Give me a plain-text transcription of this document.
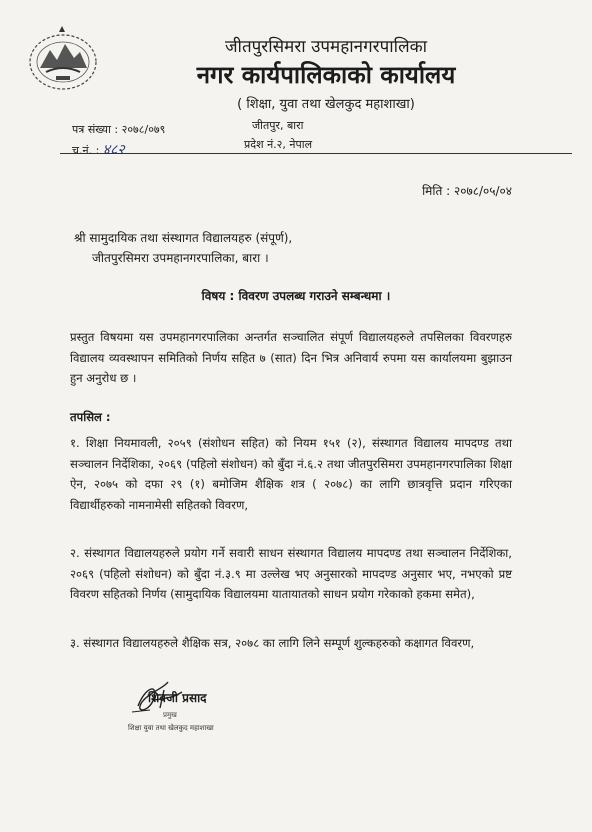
जीतपुरसिमरा उपमहानगरपालिका
नगर कार्यपालिकाको कार्यालय
( शिक्षा, युवा तथा खेलकुद महाशाखा)
पत्र संख्या : २०७८/०७९
च.नं. : ४८२
जीतपुर, बारा
प्रदेश नं.२, नेपाल
मिति : २०७८/०५/०४
श्री सामुदायिक तथा संस्थागत विद्यालयहरु (संपूर्ण),
जीतपुरसिमरा उपमहानगरपालिका, बारा ।
विषय : विवरण उपलब्ध गराउने सम्बन्धमा ।

प्रस्तुत विषयमा यस उपमहानगरपालिका अन्तर्गत सञ्चालित संपूर्ण विद्यालयहरुले तपसिलका विवरणहरु विद्यालय व्यवस्थापन समितिको निर्णय सहित ७ (सात) दिन भित्र अनिवार्य रुपमा यस कार्यालयमा बुझाउन हुन अनुरोध छ ।

तपसिल :

१. शिक्षा नियमावली, २०५९ (संशोधन सहित) को नियम १५१ (२), संस्थागत विद्यालय मापदण्ड तथा सञ्चालन निर्देशिका, २०६९ (पहिलो संशोधन) को बुँदा नं.६.२ तथा जीतपुरसिमरा उपमहानगरपालिका शिक्षा ऐन, २०७५ को दफा २९ (१) बमोजिम शैक्षिक शत्र ( २०७८) का लागि छात्रवृत्ति प्रदान गरिएका विद्यार्थीहरुको नामनामेसी सहितको विवरण,

२. संस्थागत विद्यालयहरुले प्रयोग गर्ने सवारी साधन संस्थागत विद्यालय मापदण्ड तथा सञ्चालन निर्देशिका, २०६९ (पहिलो संशोधन) को बुँदा नं.३.९ मा उल्लेख भए अनुसारको मापदण्ड अनुसार भए, नभएको प्रष्ट विवरण सहितको निर्णय (सामुदायिक विद्यालयमा यातायातको साधन प्रयोग गरेकाको हकमा समेत),

३. संस्थागत विद्यालयहरुले शैक्षिक सत्र, २०७८ का लागि लिने सम्पूर्ण शुल्कहरुको कक्षागत विवरण,

शिवजी प्रसाद
प्रमुख
शिक्षा युवा तथा खेलकुद महाशाखा
